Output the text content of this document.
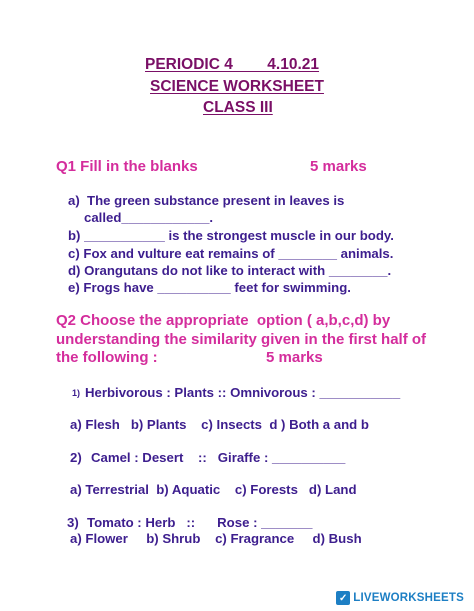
PERIODIC 4        4.10.21
SCIENCE WORKSHEET
CLASS III
Q1 Fill in the blanks	5 marks
a)  The green substance present in leaves is
called____________.
b) ___________ is the strongest muscle in our body.
c) Fox and vulture eat remains of ________ animals.
d) Orangutans do not like to interact with ________.
e) Frogs have __________ feet for swimming.
Q2 Choose the appropriate  option ( a,b,c,d) by
understanding the similarity given in the first half of
the following :	5 marks
1) Herbivorous : Plants :: Omnivorous : ___________
a) Flesh   b) Plants    c) Insects  d ) Both a and b
2) Camel : Desert    ::   Giraffe : __________
a) Terrestrial  b) Aquatic    c) Forests   d) Land
3) Tomato : Herb   ::      Rose : _______
a) Flower     b) Shrub    c) Fragrance     d) Bush
✓ LIVEWORKSHEETS
